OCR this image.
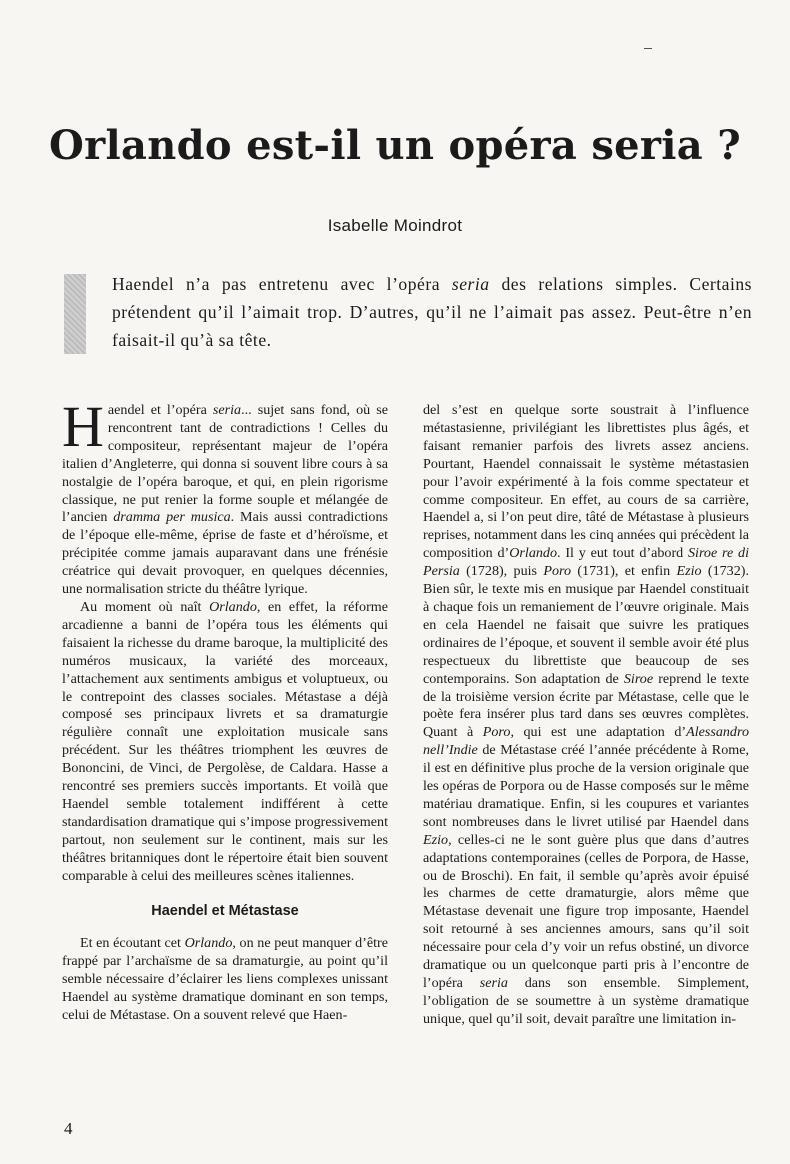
Orlando est-il un opéra seria ?
Isabelle Moindrot

Haendel n’a pas entretenu avec l’opéra seria des relations simples. Certains prétendent qu’il l’aimait trop. D’autres, qu’il ne l’aimait pas assez. Peut-être n’en faisait-il qu’à sa tête.

Haendel et l’opéra seria... sujet sans fond, où se rencontrent tant de contradictions ! Celles du compositeur, représentant majeur de l’opéra italien d’Angleterre, qui donna si souvent libre cours à sa nostalgie de l’opéra baroque, et qui, en plein rigorisme classique, ne put renier la forme souple et mélangée de l’ancien dramma per musica. Mais aussi contradictions de l’époque elle-même, éprise de faste et d’héroïsme, et précipitée comme jamais auparavant dans une frénésie créatrice qui devait provoquer, en quelques décennies, une normalisation stricte du théâtre lyrique.

Au moment où naît Orlando, en effet, la réforme arcadienne a banni de l’opéra tous les éléments qui faisaient la richesse du drame baroque, la multiplicité des numéros musicaux, la variété des morceaux, l’attachement aux sentiments ambigus et voluptueux, ou le contrepoint des classes sociales. Métastase a déjà composé ses principaux livrets et sa dramaturgie régulière connaît une exploitation musicale sans précédent. Sur les théâtres triomphent les œuvres de Bononcini, de Vinci, de Pergolèse, de Caldara. Hasse a rencontré ses premiers succès importants. Et voilà que Haendel semble totalement indifférent à cette standardisation dramatique qui s’impose progressivement partout, non seulement sur le continent, mais sur les théâtres britanniques dont le répertoire était bien souvent comparable à celui des meilleures scènes italiennes.

Haendel et Métastase

Et en écoutant cet Orlando, on ne peut manquer d’être frappé par l’archaïsme de sa dramaturgie, au point qu’il semble nécessaire d’éclairer les liens complexes unissant Haendel au système dramatique dominant en son temps, celui de Métastase. On a souvent relevé que Haen-

del s’est en quelque sorte soustrait à l’influence métastasienne, privilégiant les librettistes plus âgés, et faisant remanier parfois des livrets assez anciens. Pourtant, Haendel connaissait le système métastasien pour l’avoir expérimenté à la fois comme spectateur et comme compositeur. En effet, au cours de sa carrière, Haendel a, si l’on peut dire, tâté de Métastase à plusieurs reprises, notamment dans les cinq années qui précèdent la composition d’Orlando. Il y eut tout d’abord Siroe re di Persia (1728), puis Poro (1731), et enfin Ezio (1732). Bien sûr, le texte mis en musique par Haendel constituait à chaque fois un remaniement de l’œuvre originale. Mais en cela Haendel ne faisait que suivre les pratiques ordinaires de l’époque, et souvent il semble avoir été plus respectueux du librettiste que beaucoup de ses contemporains. Son adaptation de Siroe reprend le texte de la troisième version écrite par Métastase, celle que le poète fera insérer plus tard dans ses œuvres complètes. Quant à Poro, qui est une adaptation d’Alessandro nell’Indie de Métastase créé l’année précédente à Rome, il est en définitive plus proche de la version originale que les opéras de Porpora ou de Hasse composés sur le même matériau dramatique. Enfin, si les coupures et variantes sont nombreuses dans le livret utilisé par Haendel dans Ezio, celles-ci ne le sont guère plus que dans d’autres adaptations contemporaines (celles de Porpora, de Hasse, ou de Broschi). En fait, il semble qu’après avoir épuisé les charmes de cette dramaturgie, alors même que Métastase devenait une figure trop imposante, Haendel soit retourné à ses anciennes amours, sans qu’il soit nécessaire pour cela d’y voir un refus obstiné, un divorce dramatique ou un quelconque parti pris à l’encontre de l’opéra seria dans son ensemble. Simplement, l’obligation de se soumettre à un système dramatique unique, quel qu’il soit, devait paraître une limitation in-

4
